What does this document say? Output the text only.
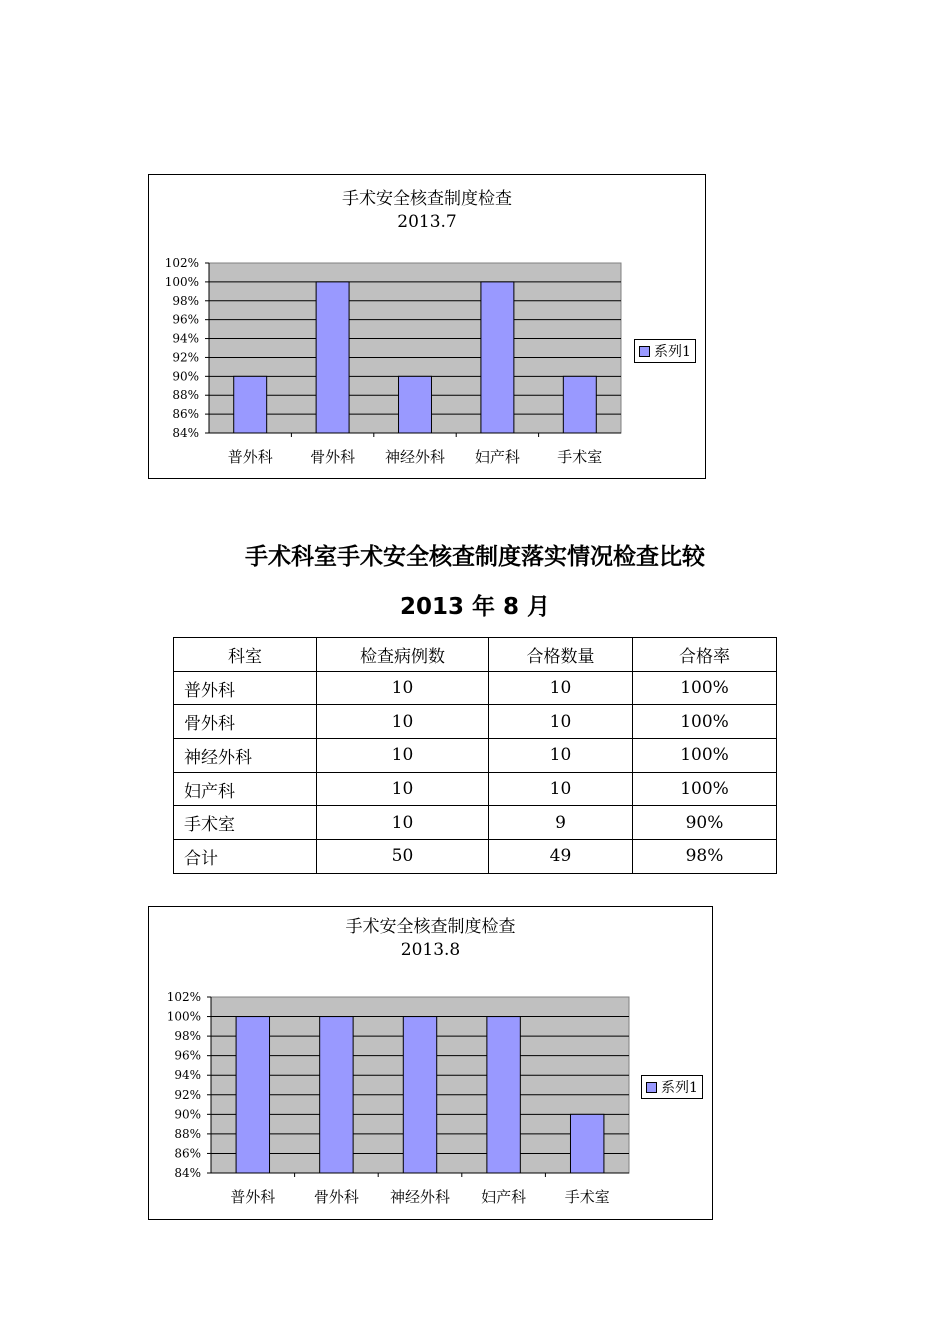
手术安全核查制度检查
2013.7
84%
86%
88%
90%
92%
94%
96%
98%
100%
102%
普外科 骨外科 神经外科 妇产科 手术室
系列1
手术科室手术安全核查制度落实情况检查比较
2013 年 8 月
科室	检查病例数	合格数量	合格率
普外科	10	10	100%
骨外科	10	10	100%
神经外科	10	10	100%
妇产科	10	10	100%
手术室	10	9	90%
合计	50	49	98%
手术安全核查制度检查
2013.8
84%
86%
88%
90%
92%
94%
96%
98%
100%
102%
普外科	骨外科 神经外科 妇产科	手术室
系列1
